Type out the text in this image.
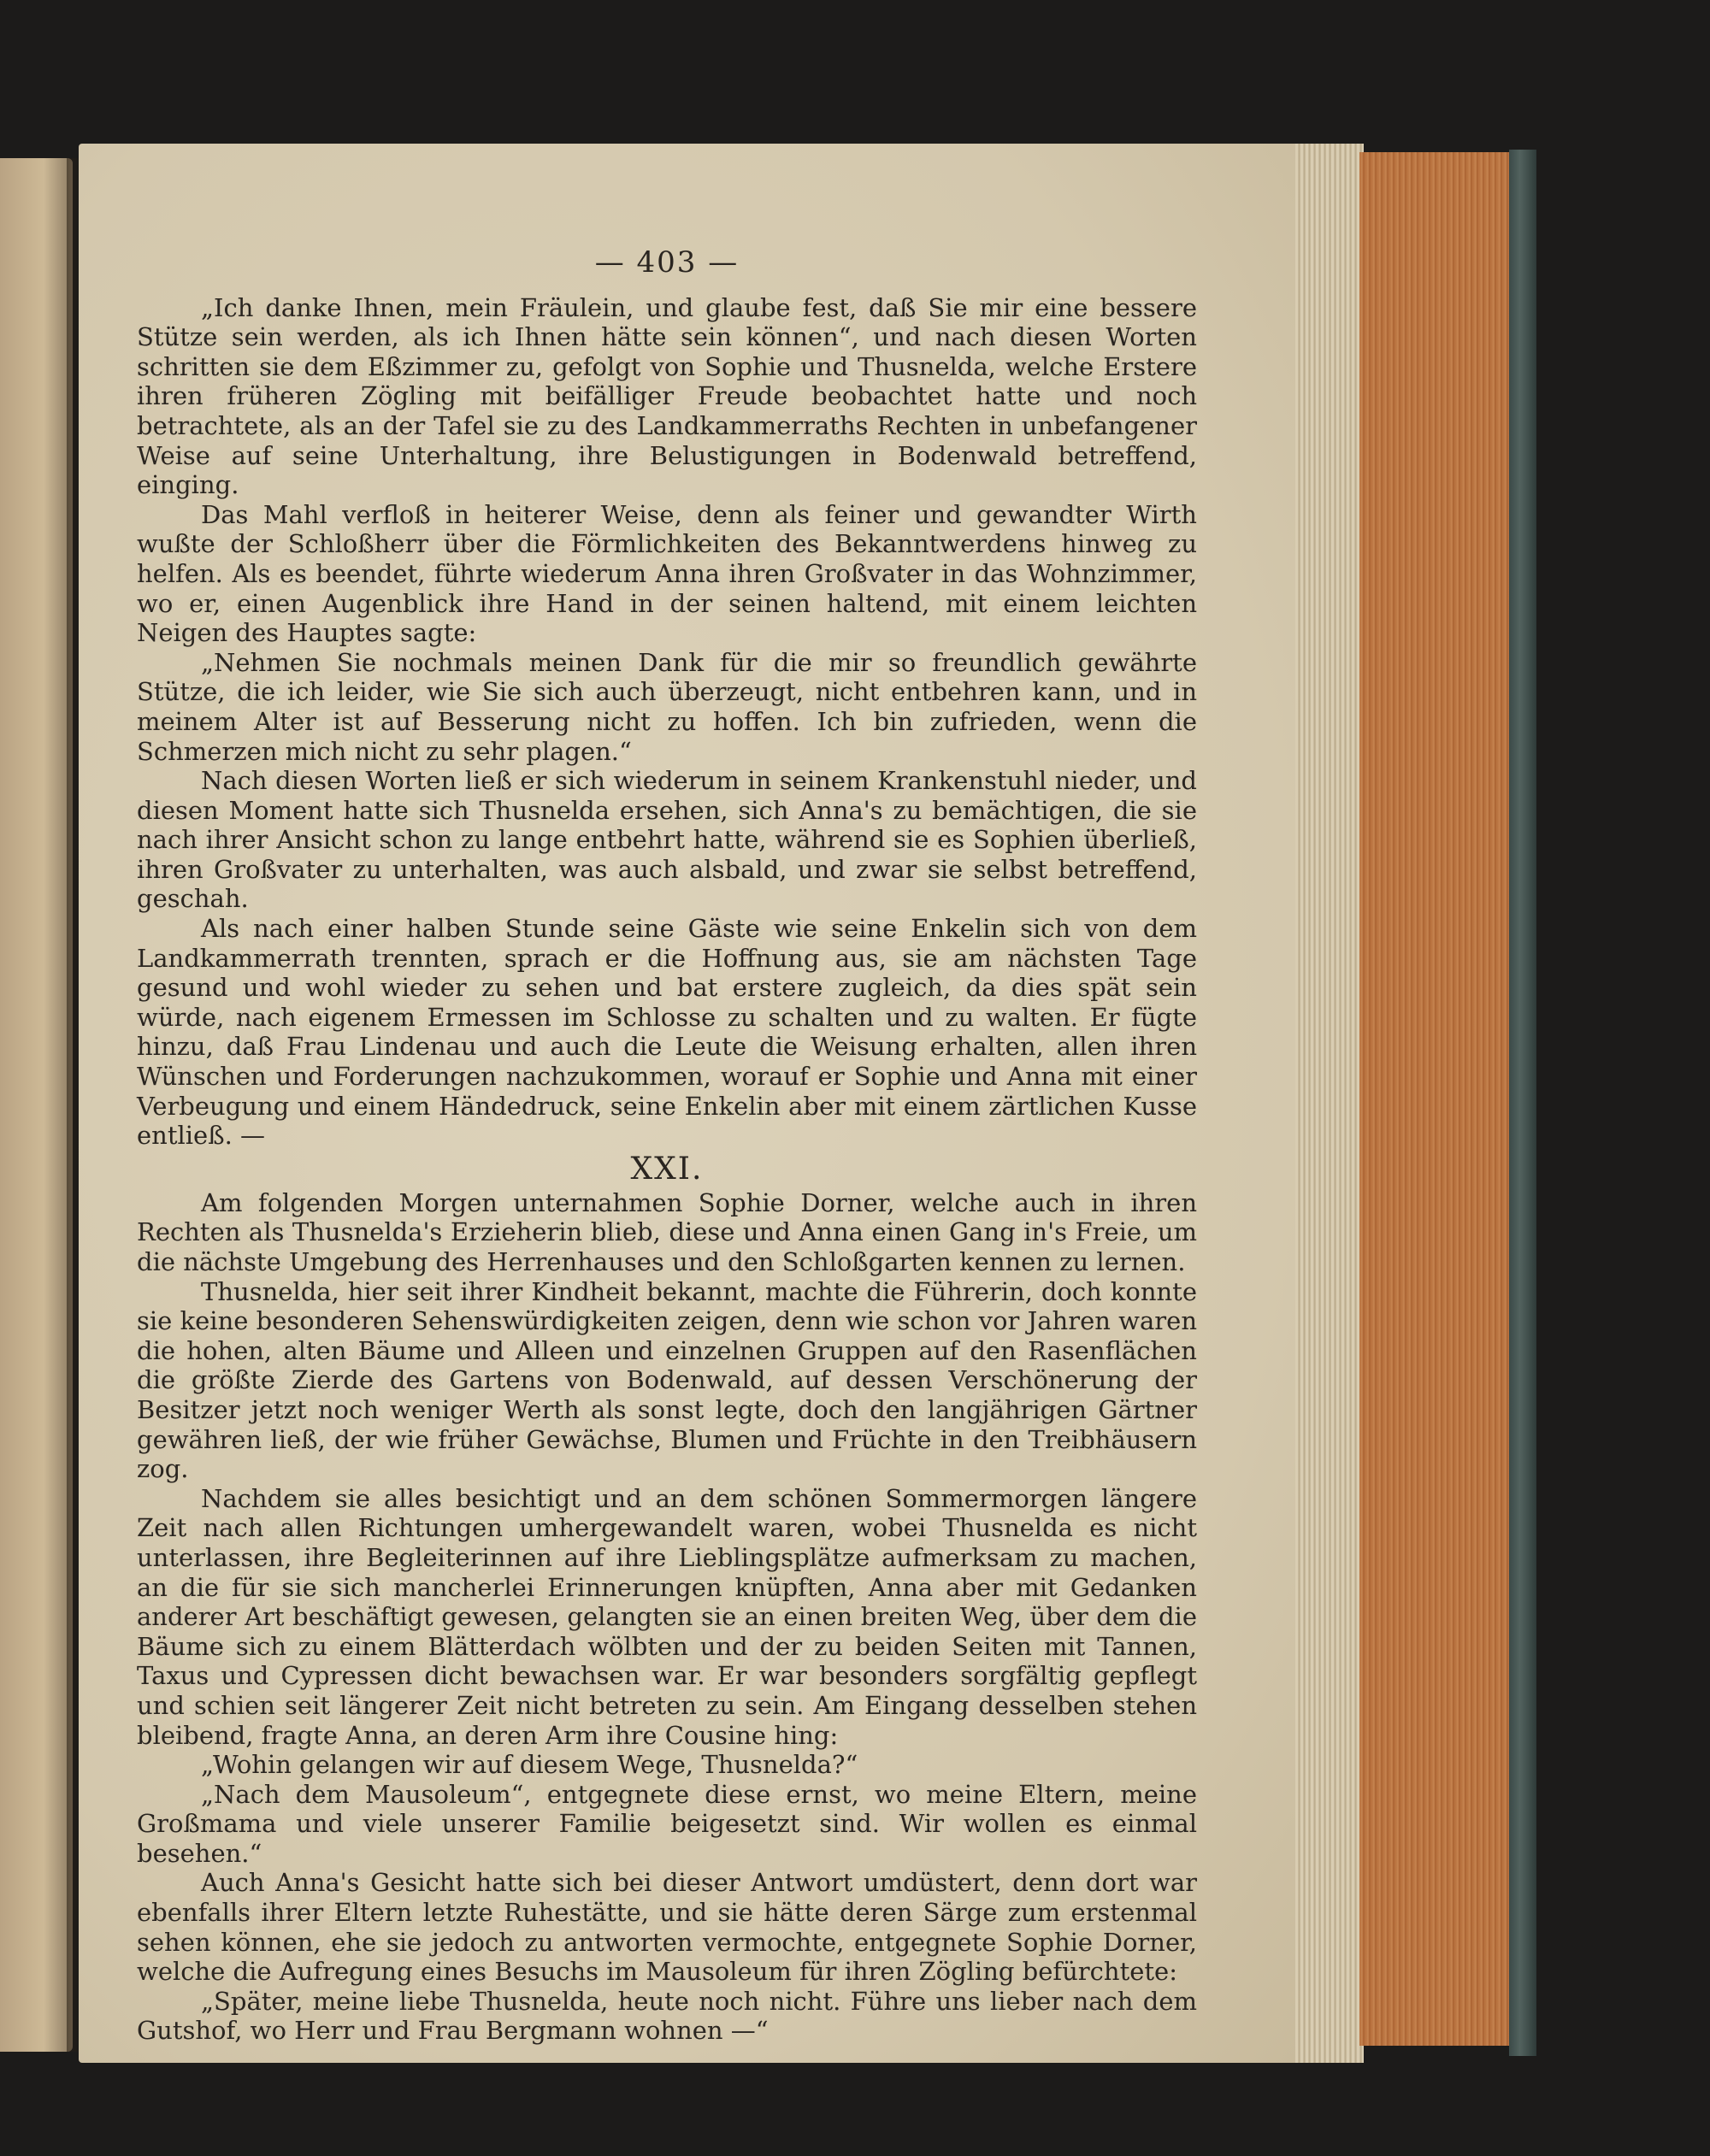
— 403 —

„Ich danke Ihnen, mein Fräulein, und glaube fest, daß Sie mir eine bessere Stütze sein werden, als ich Ihnen hätte sein können“, und nach diesen Worten schritten sie dem Eßzimmer zu, gefolgt von Sophie und Thusnelda, welche Erstere ihren früheren Zögling mit beifälliger Freude beobachtet hatte und noch betrachtete, als an der Tafel sie zu des Landkammerraths Rechten in unbefangener Weise auf seine Unterhaltung, ihre Belustigungen in Bodenwald betreffend, einging.

Das Mahl verfloß in heiterer Weise, denn als feiner und gewandter Wirth wußte der Schloßherr über die Förmlichkeiten des Bekanntwerdens hinweg zu helfen. Als es beendet, führte wiederum Anna ihren Großvater in das Wohnzimmer, wo er, einen Augenblick ihre Hand in der seinen haltend, mit einem leichten Neigen des Hauptes sagte:

„Nehmen Sie nochmals meinen Dank für die mir so freundlich gewährte Stütze, die ich leider, wie Sie sich auch überzeugt, nicht entbehren kann, und in meinem Alter ist auf Besserung nicht zu hoffen. Ich bin zufrieden, wenn die Schmerzen mich nicht zu sehr plagen.“

Nach diesen Worten ließ er sich wiederum in seinem Krankenstuhl nieder, und diesen Moment hatte sich Thusnelda ersehen, sich Anna's zu bemächtigen, die sie nach ihrer Ansicht schon zu lange entbehrt hatte, während sie es Sophien überließ, ihren Großvater zu unterhalten, was auch alsbald, und zwar sie selbst betreffend, geschah.

Als nach einer halben Stunde seine Gäste wie seine Enkelin sich von dem Landkammerrath trennten, sprach er die Hoffnung aus, sie am nächsten Tage gesund und wohl wieder zu sehen und bat erstere zugleich, da dies spät sein würde, nach eigenem Ermessen im Schlosse zu schalten und zu walten. Er fügte hinzu, daß Frau Lindenau und auch die Leute die Weisung erhalten, allen ihren Wünschen und Forderungen nachzukommen, worauf er Sophie und Anna mit einer Verbeugung und einem Händedruck, seine Enkelin aber mit einem zärtlichen Kusse entließ. —

XXI.

Am folgenden Morgen unternahmen Sophie Dorner, welche auch in ihren Rechten als Thusnelda's Erzieherin blieb, diese und Anna einen Gang in's Freie, um die nächste Umgebung des Herrenhauses und den Schloßgarten kennen zu lernen.

Thusnelda, hier seit ihrer Kindheit bekannt, machte die Führerin, doch konnte sie keine besonderen Sehenswürdigkeiten zeigen, denn wie schon vor Jahren waren die hohen, alten Bäume und Alleen und einzelnen Gruppen auf den Rasenflächen die größte Zierde des Gartens von Bodenwald, auf dessen Verschönerung der Besitzer jetzt noch weniger Werth als sonst legte, doch den langjährigen Gärtner gewähren ließ, der wie früher Gewächse, Blumen und Früchte in den Treibhäusern zog.

Nachdem sie alles besichtigt und an dem schönen Sommermorgen längere Zeit nach allen Richtungen umhergewandelt waren, wobei Thusnelda es nicht unterlassen, ihre Begleiterinnen auf ihre Lieblingsplätze aufmerksam zu machen, an die für sie sich mancherlei Erinnerungen knüpften, Anna aber mit Gedanken anderer Art beschäftigt gewesen, gelangten sie an einen breiten Weg, über dem die Bäume sich zu einem Blätterdach wölbten und der zu beiden Seiten mit Tannen, Taxus und Cypressen dicht bewachsen war. Er war besonders sorgfältig gepflegt und schien seit längerer Zeit nicht betreten zu sein. Am Eingang desselben stehen bleibend, fragte Anna, an deren Arm ihre Cousine hing:

„Wohin gelangen wir auf diesem Wege, Thusnelda?“

„Nach dem Mausoleum“, entgegnete diese ernst, wo meine Eltern, meine Großmama und viele unserer Familie beigesetzt sind. Wir wollen es einmal besehen.“

Auch Anna's Gesicht hatte sich bei dieser Antwort umdüstert, denn dort war ebenfalls ihrer Eltern letzte Ruhestätte, und sie hätte deren Särge zum erstenmal sehen können, ehe sie jedoch zu antworten vermochte, entgegnete Sophie Dorner, welche die Aufregung eines Besuchs im Mausoleum für ihren Zögling befürchtete:

„Später, meine liebe Thusnelda, heute noch nicht. Führe uns lieber nach dem Gutshof, wo Herr und Frau Bergmann wohnen —“
